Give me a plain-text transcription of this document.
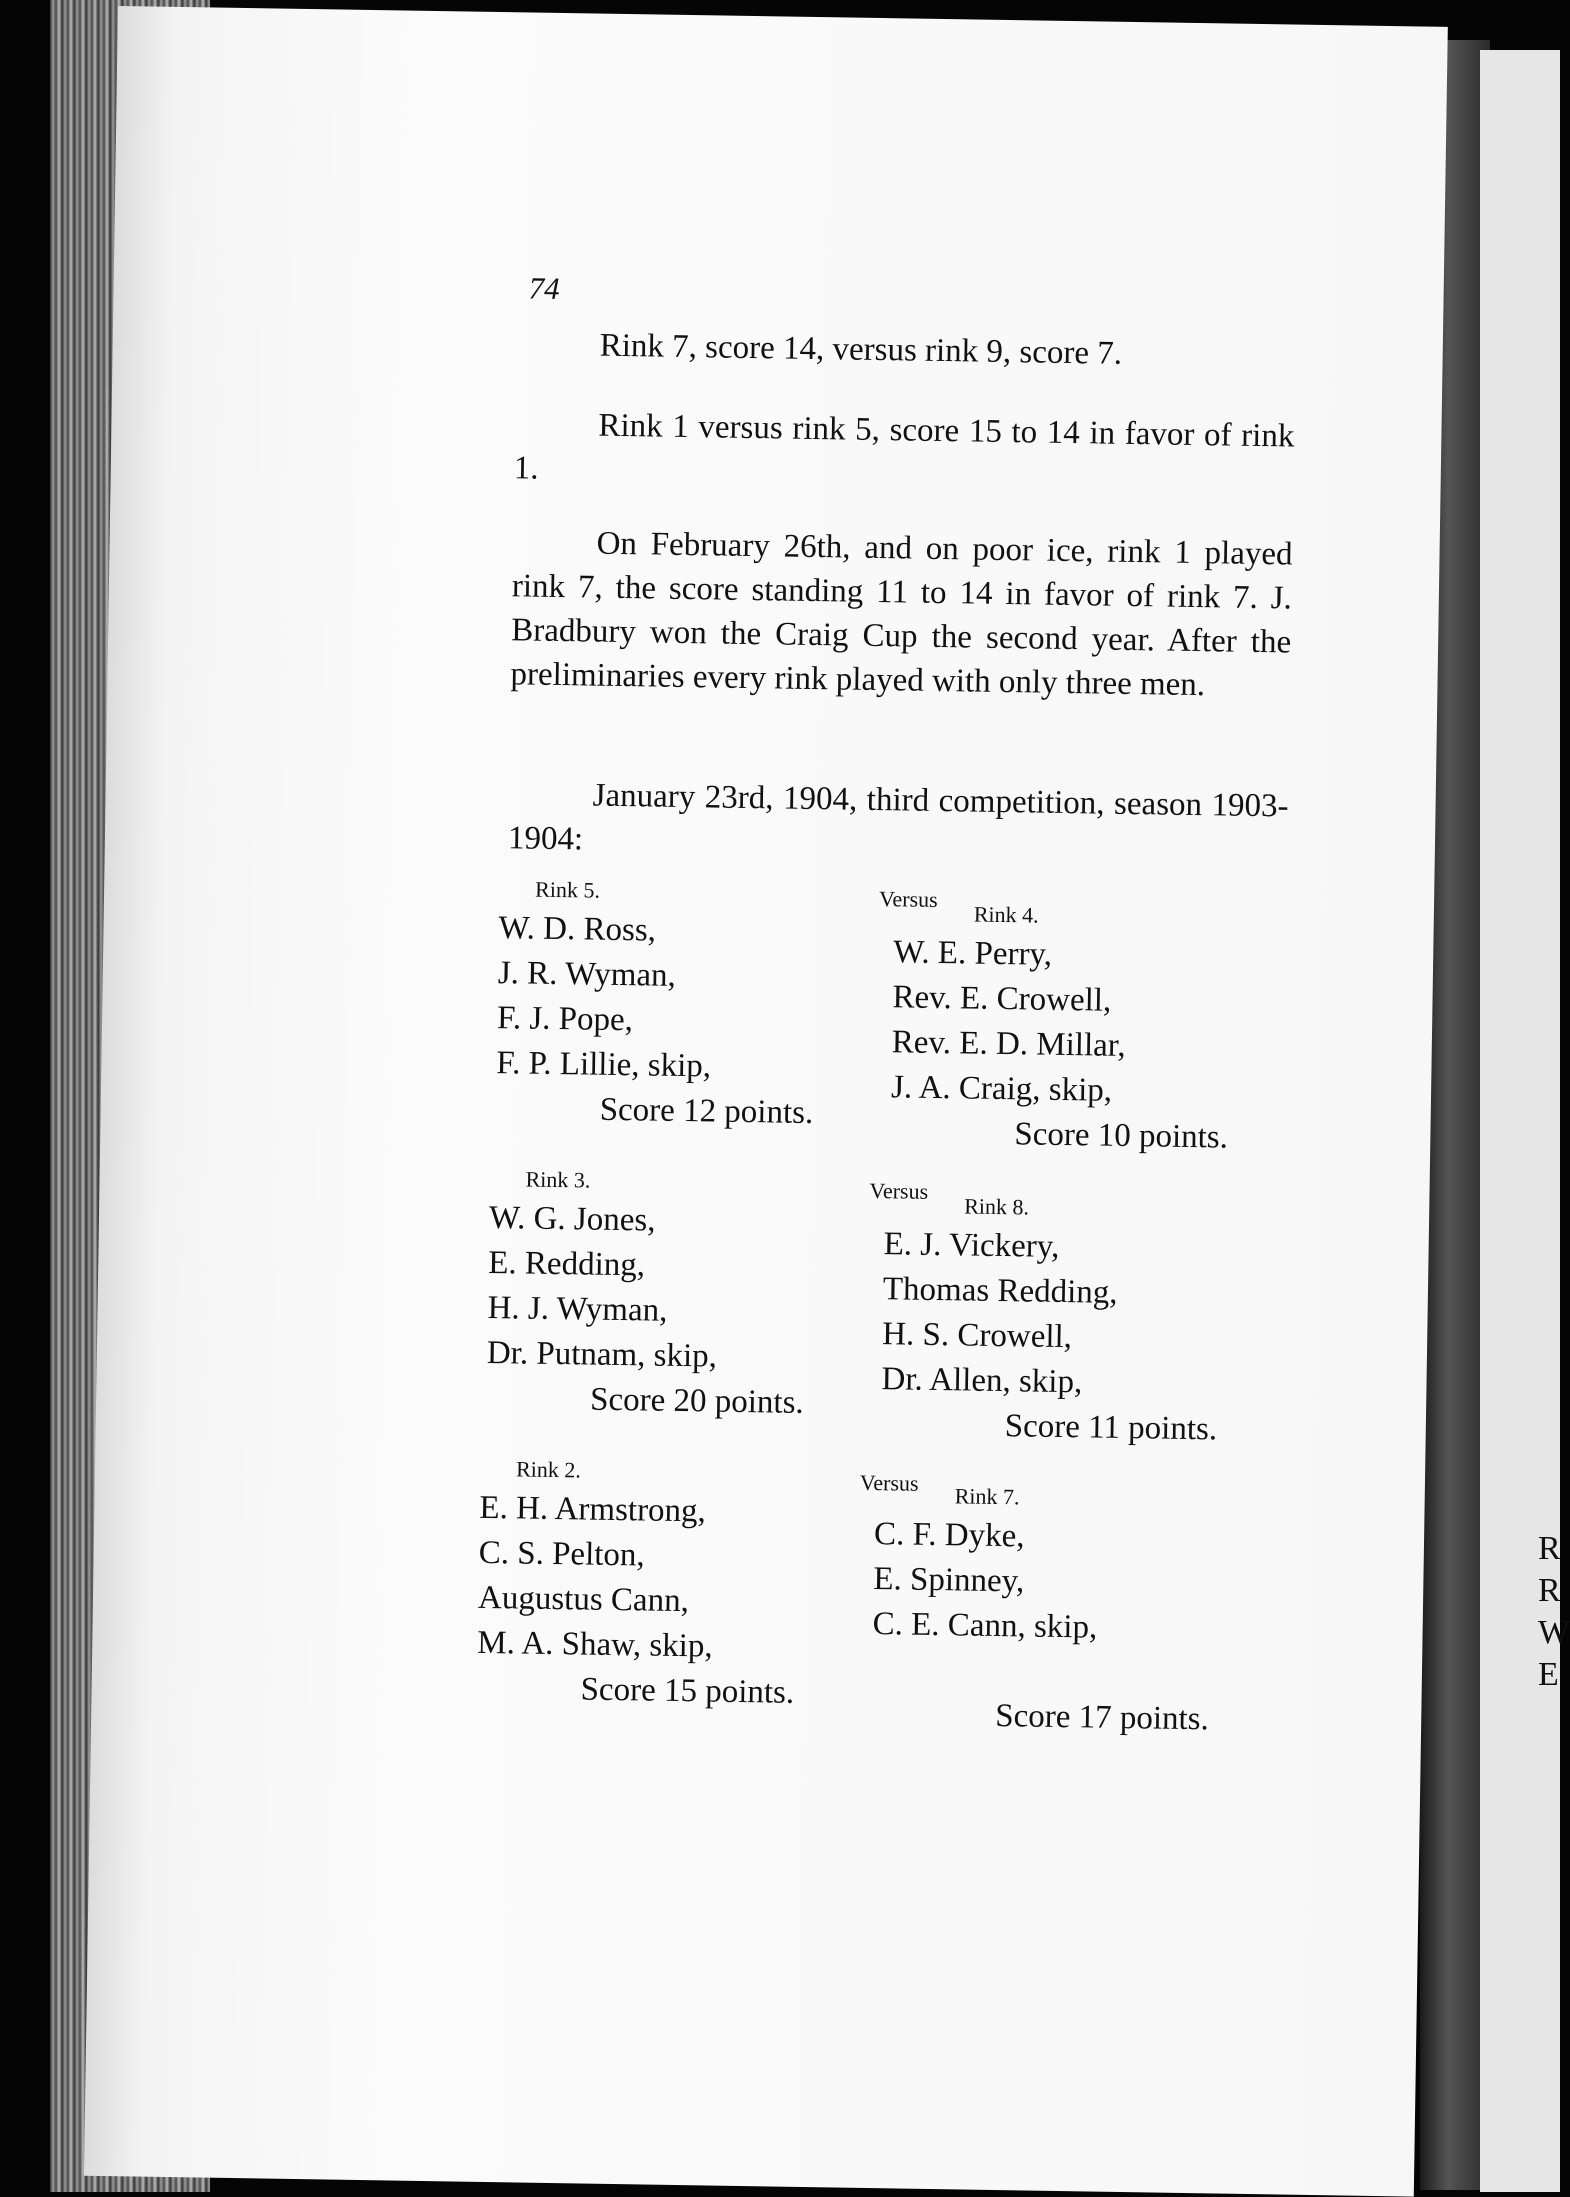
R
R
W
E
74

Rink 7, score 14, versus rink 9, score 7.

Rink 1 versus rink 5, score 15 to 14 in favor of rink 1.

On February 26th, and on poor ice, rink 1 played rink 7, the score standing 11 to 14 in favor of rink 7. J. Bradbury won the Craig Cup the second year. After the preliminaries every rink played with only three men.

January 23rd, 1904, third competition, season 1903-1904:

Rink 5.
W. D. Ross,
J. R. Wyman,
F. J. Pope,
F. P. Lillie, skip,
Score 12 points.
Versus
Rink 4.
W. E. Perry,
Rev. E. Crowell,
Rev. E. D. Millar,
J. A. Craig, skip,
Score 10 points.
Rink 3.
W. G. Jones,
E. Redding,
H. J. Wyman,
Dr. Putnam, skip,
Score 20 points.
Versus
Rink 8.
E. J. Vickery,
Thomas Redding,
H. S. Crowell,
Dr. Allen, skip,
Score 11 points.
Rink 2.
E. H. Armstrong,
C. S. Pelton,
Augustus Cann,
M. A. Shaw, skip,
Score 15 points.
Versus
Rink 7.
C. F. Dyke,
E. Spinney,
C. E. Cann, skip,
Score 17 points.
